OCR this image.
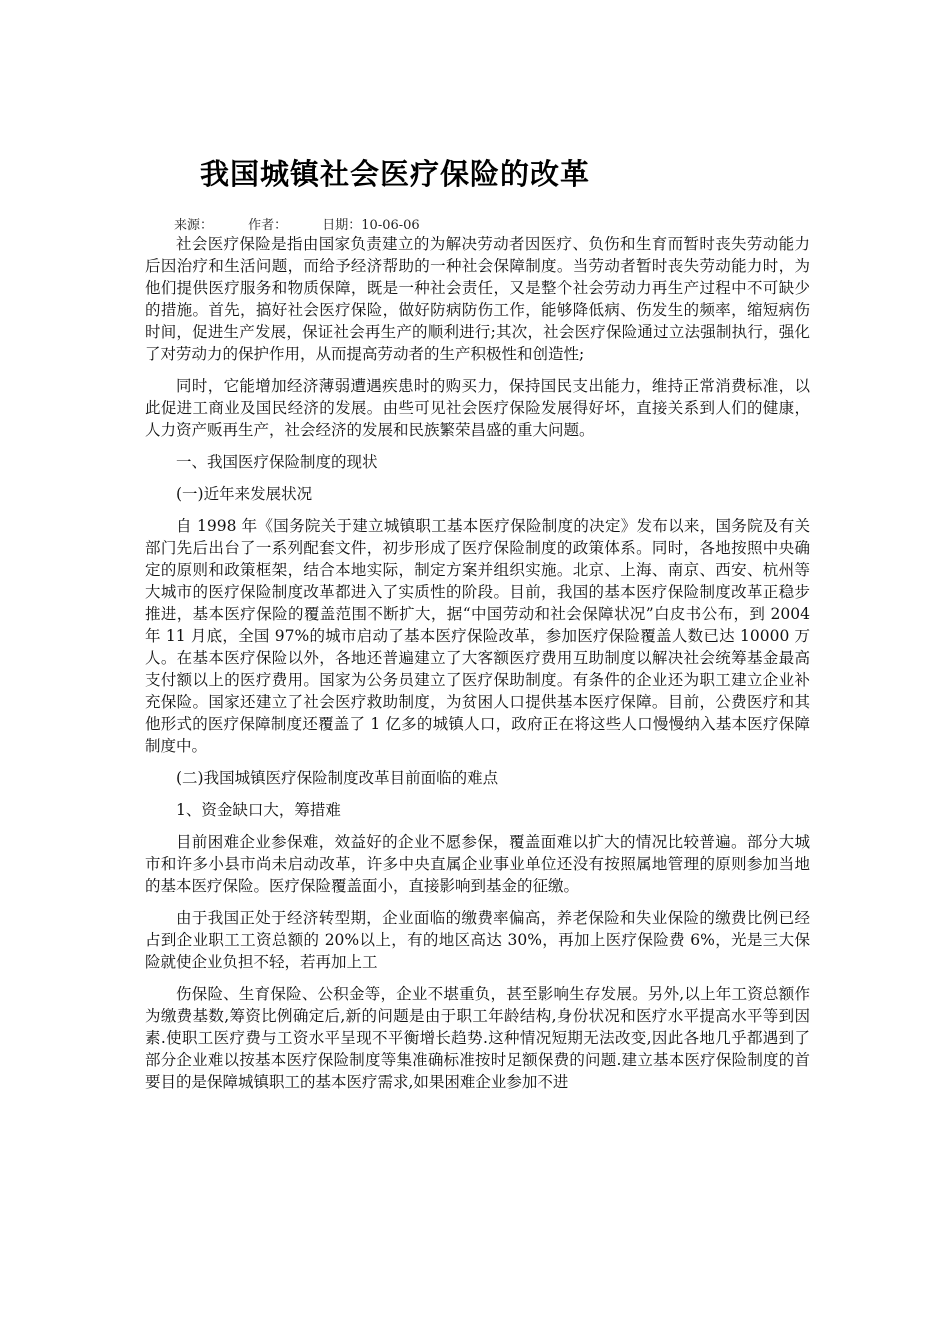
我国城镇社会医疗保险的改革
来源：	作者：	日期：10-06-06

社会医疗保险是指由国家负责建立的为解决劳动者因医疗、负伤和生育而暂时丧失劳动能力后因治疗和生活问题，而给予经济帮助的一种社会保障制度。当劳动者暂时丧失劳动能力时，为他们提供医疗服务和物质保障，既是一种社会责任，又是整个社会劳动力再生产过程中不可缺少的措施。首先，搞好社会医疗保险，做好防病防伤工作，能够降低病、伤发生的频率，缩短病伤时间，促进生产发展，保证社会再生产的顺利进行;其次，社会医疗保险通过立法强制执行，强化了对劳动力的保护作用，从而提高劳动者的生产积极性和创造性;

同时，它能增加经济薄弱遭遇疾患时的购买力，保持国民支出能力，维持正常消费标准，以此促进工商业及国民经济的发展。由些可见社会医疗保险发展得好坏，直接关系到人们的健康，人力资产贩再生产，社会经济的发展和民族繁荣昌盛的重大问题。

一、我国医疗保险制度的现状

(一)近年来发展状况

自 1998 年《国务院关于建立城镇职工基本医疗保险制度的决定》发布以来，国务院及有关部门先后出台了一系列配套文件，初步形成了医疗保险制度的政策体系。同时，各地按照中央确定的原则和政策框架，结合本地实际，制定方案并组织实施。北京、上海、南京、西安、杭州等大城市的医疗保险制度改革都进入了实质性的阶段。目前，我国的基本医疗保险制度改革正稳步推进，基本医疗保险的覆盖范围不断扩大，据“中国劳动和社会保障状况”白皮书公布，到 2004 年 11 月底，全国 97%的城市启动了基本医疗保险改革，参加医疗保险覆盖人数已达 10000 万人。在基本医疗保险以外，各地还普遍建立了大客额医疗费用互助制度以解决社会统筹基金最高支付额以上的医疗费用。国家为公务员建立了医疗保助制度。有条件的企业还为职工建立企业补充保险。国家还建立了社会医疗救助制度，为贫困人口提供基本医疗保障。目前，公费医疗和其他形式的医疗保障制度还覆盖了 1 亿多的城镇人口，政府正在将这些人口慢慢纳入基本医疗保障制度中。

(二)我国城镇医疗保险制度改革目前面临的难点

1、资金缺口大，筹措难

目前困难企业参保难，效益好的企业不愿参保，覆盖面难以扩大的情况比较普遍。部分大城市和许多小县市尚未启动改革，许多中央直属企业事业单位还没有按照属地管理的原则参加当地的基本医疗保险。医疗保险覆盖面小，直接影响到基金的征缴。

由于我国正处于经济转型期，企业面临的缴费率偏高，养老保险和失业保险的缴费比例已经占到企业职工工资总额的 20%以上，有的地区高达 30%，再加上医疗保险费 6%，光是三大保险就使企业负担不轻，若再加上工

伤保险、生育保险、公积金等，企业不堪重负，甚至影响生存发展。另外,以上年工资总额作为缴费基数,筹资比例确定后,新的问题是由于职工年龄结构,身份状况和医疗水平提高水平等到因素.使职工医疗费与工资水平呈现不平衡增长趋势.这种情况短期无法改变,因此各地几乎都遇到了部分企业难以按基本医疗保险制度等集准确标准按时足额保费的问题.建立基本医疗保险制度的首要目的是保障城镇职工的基本医疗需求,如果困难企业参加不进
